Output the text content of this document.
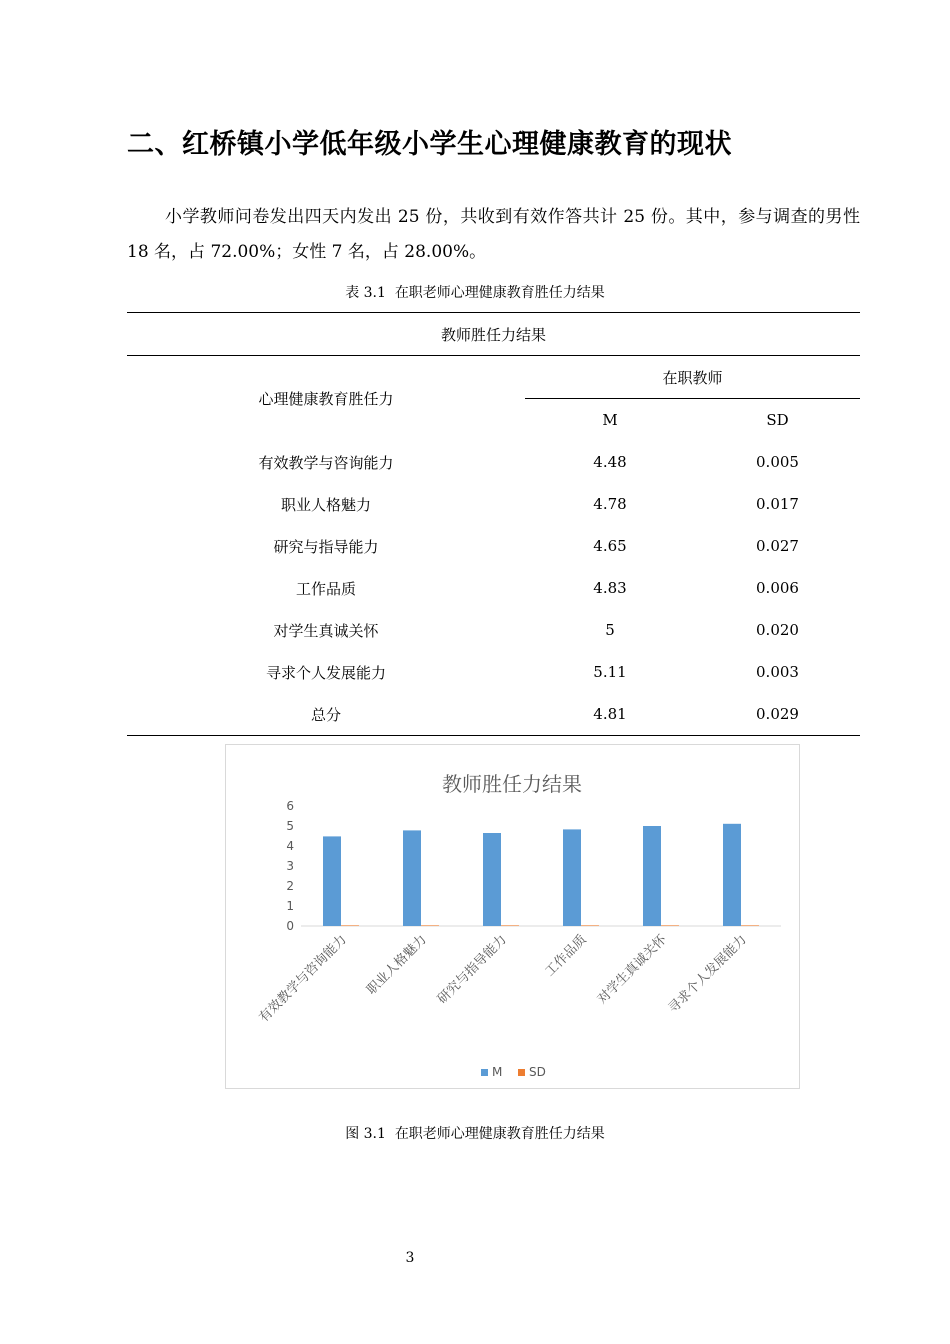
二、红桥镇小学低年级小学生心理健康教育的现状

小学教师问卷发出四天内发出 25 份，共收到有效作答共计 25 份。其中，参与调查的男性 18 名，占 72.00%；女性 7 名，占 28.00%。

表 3.1 在职老师心理健康教育胜任力结果
教师胜任力结果		
心理健康教育胜任力	在职教师	
	M	SD
有效教学与咨询能力	4.48	0.005
职业人格魅力	4.78	0.017
研究与指导能力	4.65	0.027
工作品质	4.83	0.006
对学生真诚关怀	5	0.020
寻求个人发展能力	5.11	0.003
总分	4.81	0.029
教师胜任力结果
0
1
2
3
4
5
6
有效教学与咨询能力 职业人格魅力 研究与指导能力	工作品质 对学生真诚关怀
寻求个人发展能力
M SD
图 3.1 在职老师心理健康教育胜任力结果
3
